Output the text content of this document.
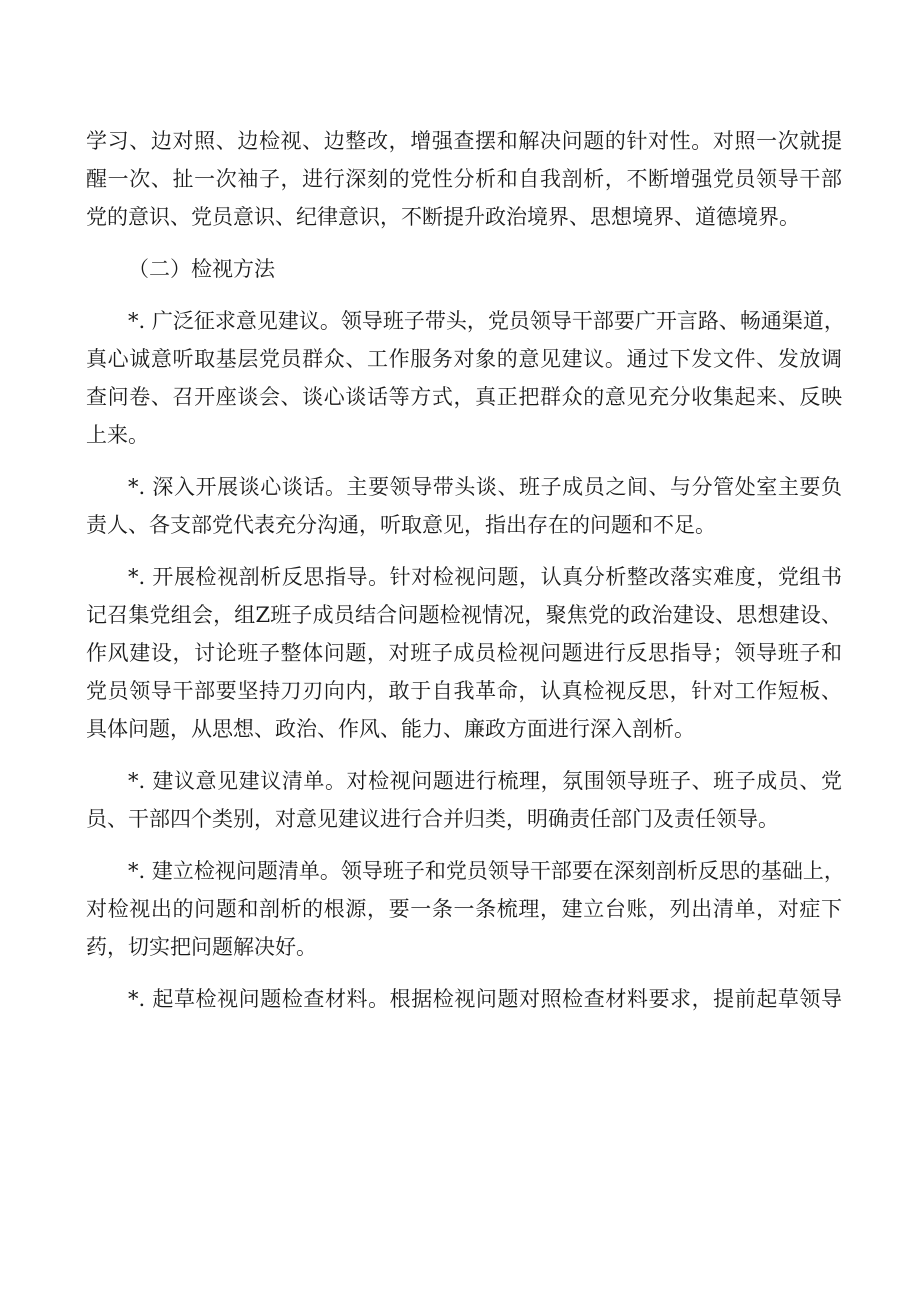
学习、边对照、边检视、边整改，增强查摆和解决问题的针对性。对照一次就提
醒一次、扯一次袖子，进行深刻的党性分析和自我剖析，不断增强党员领导干部
党的意识、党员意识、纪律意识，不断提升政治境界、思想境界、道德境界。
（二）检视方法
*. 广泛征求意见建议。领导班子带头，党员领导干部要广开言路、畅通渠道，
真心诚意听取基层党员群众、工作服务对象的意见建议。通过下发文件、发放调
查问卷、召开座谈会、谈心谈话等方式，真正把群众的意见充分收集起来、反映
上来。
*. 深入开展谈心谈话。主要领导带头谈、班子成员之间、与分管处室主要负
责人、各支部党代表充分沟通，听取意见，指出存在的问题和不足。
*. 开展检视剖析反思指导。针对检视问题，认真分析整改落实难度，党组书
记召集党组会，组Z班子成员结合问题检视情况，聚焦党的政治建设、思想建设、
作风建设，讨论班子整体问题，对班子成员检视问题进行反思指导；领导班子和
党员领导干部要坚持刀刃向内，敢于自我革命，认真检视反思，针对工作短板、
具体问题，从思想、政治、作风、能力、廉政方面进行深入剖析。
*. 建议意见建议清单。对检视问题进行梳理，氛围领导班子、班子成员、党
员、干部四个类别，对意见建议进行合并归类，明确责任部门及责任领导。
*. 建立检视问题清单。领导班子和党员领导干部要在深刻剖析反思的基础上，
对检视出的问题和剖析的根源，要一条一条梳理，建立台账，列出清单，对症下
药，切实把问题解决好。
*. 起草检视问题检查材料。根据检视问题对照检查材料要求，提前起草领导
